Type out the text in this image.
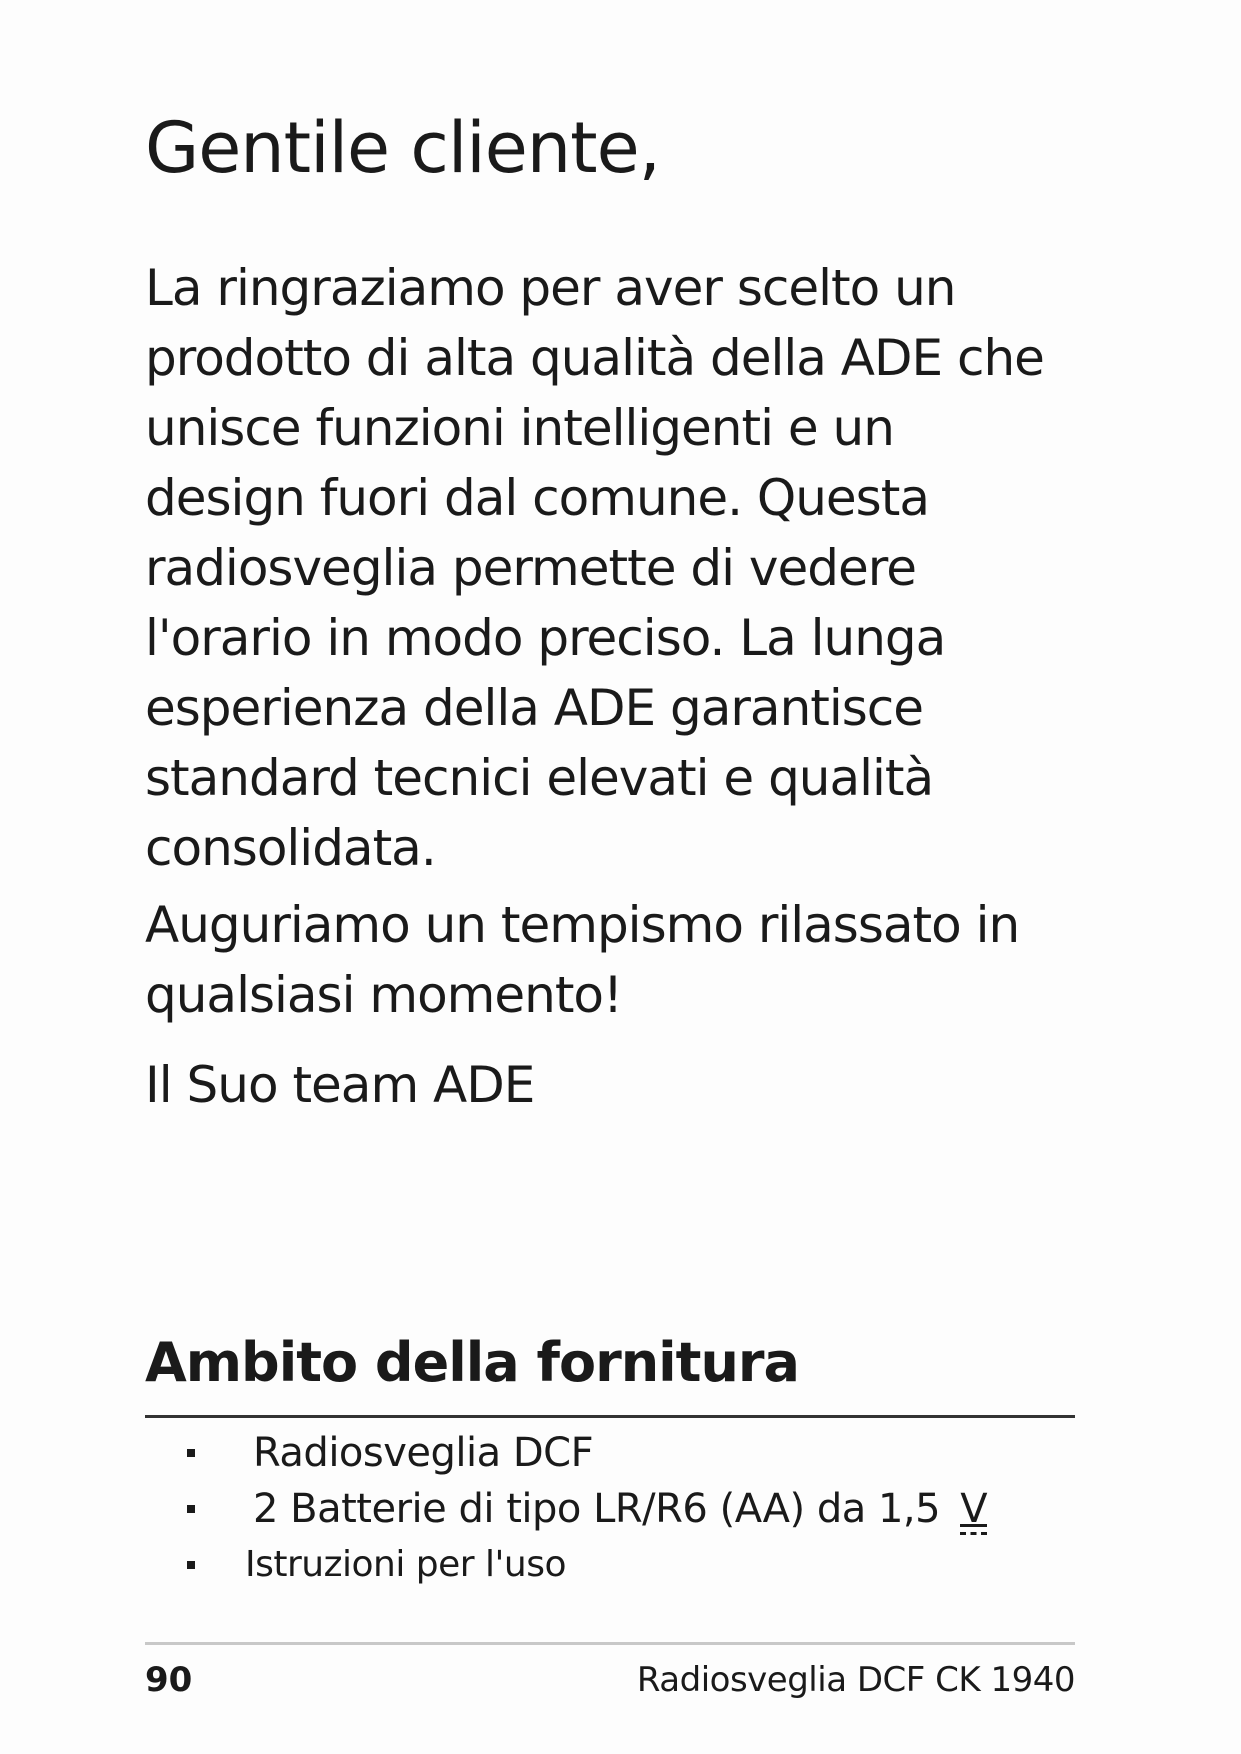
Gentile cliente,

La ringraziamo per aver scelto un prodotto di alta qualità della ADE che unisce funzioni intelligenti e un design fuori dal comune. Questa radiosveglia permette di vedere l'orario in modo preciso. La lunga esperienza della ADE garantisce standard tecnici elevati e qualità consolidata.

Auguriamo un tempismo rilassato in qualsiasi momento!

Il Suo team ADE

Ambito della fornitura
Radiosveglia DCF
2 Batterie di tipo LR/R6 (AA) da 1,5 V
Istruzioni per l'uso

90	Radiosveglia DCF CK 1940
